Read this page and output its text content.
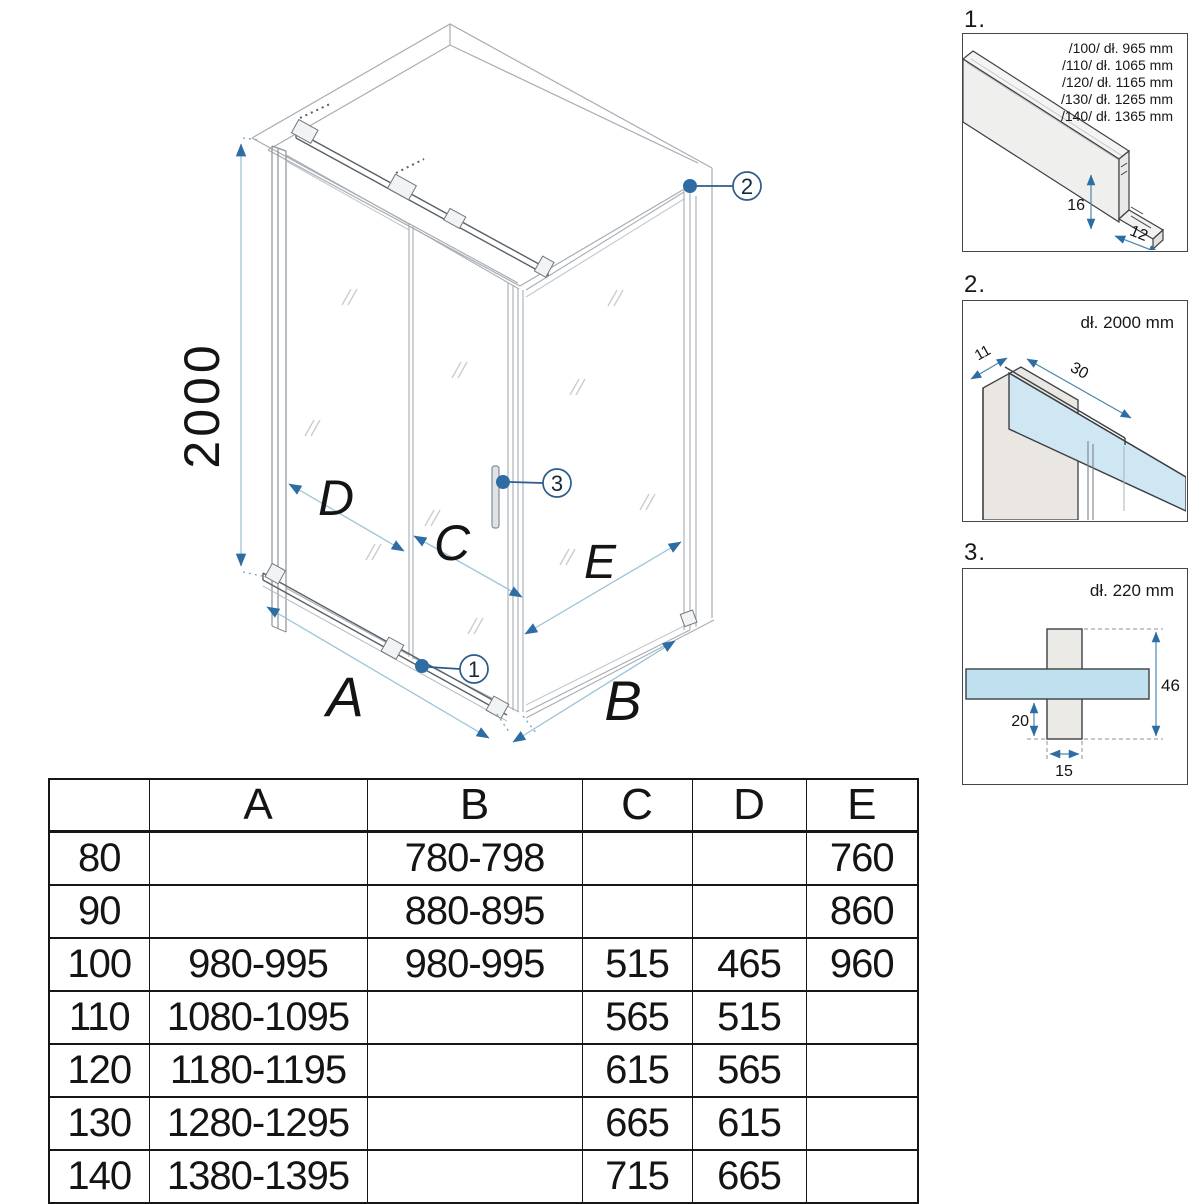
2000
D
C E
A	B
1
2
3
1.
16
12
/100/ dł. 965 mm
/110/ dł. 1065 mm
/120/ dł. 1165 mm
/130/ dł. 1265 mm
/140/ dł. 1365 mm
2.
11
30
dł. 2000 mm
3.
46
20
15
dł. 220 mm
	A	B	C	D	E
80		780-798			760
90		880-895			860
100	980-995	980-995	515	465	960
110	1080-1095		565	515	
120	1180-1195		615	565	
130	1280-1295		665	615	
140	1380-1395		715	665	
